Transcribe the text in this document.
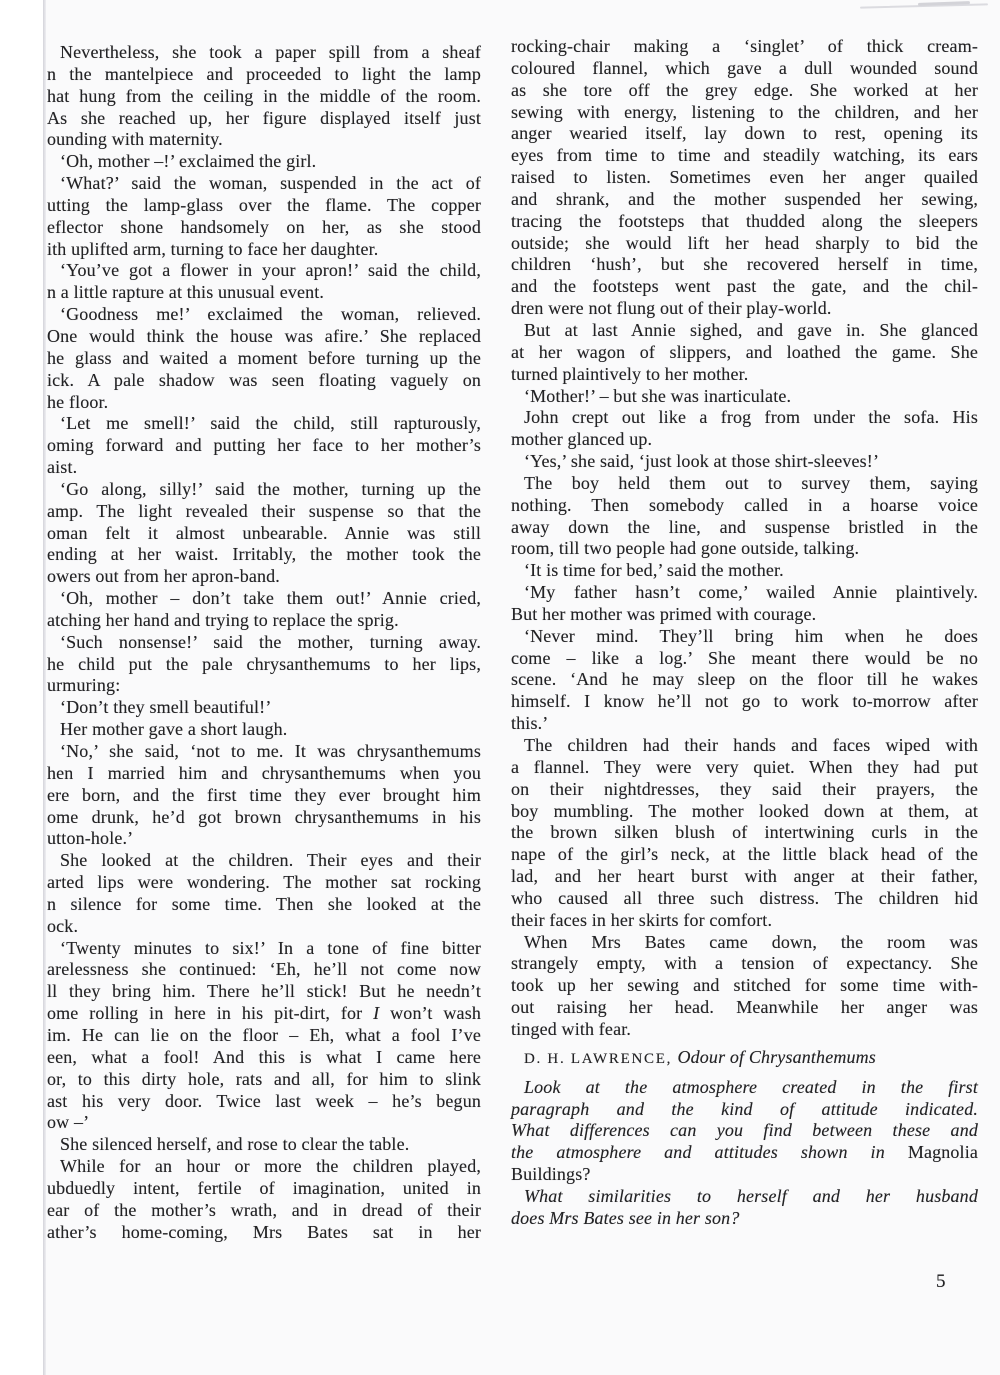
Nevertheless, she took a paper spill from a sheaf
n the mantelpiece and proceeded to light the lamp
hat hung from the ceiling in the middle of the room.
As she reached up, her figure displayed itself just
ounding with maternity.
‘Oh, mother –!’ exclaimed the girl.
‘What?’ said the woman, suspended in the act of
utting the lamp-glass over the flame. The copper
eflector shone handsomely on her, as she stood
ith uplifted arm, turning to face her daughter.
‘You’ve got a flower in your apron!’ said the child,
n a little rapture at this unusual event.
‘Goodness me!’ exclaimed the woman, relieved.
One would think the house was afire.’ She replaced
he glass and waited a moment before turning up the
ick. A pale shadow was seen floating vaguely on
he floor.
‘Let me smell!’ said the child, still rapturously,
oming forward and putting her face to her mother’s
aist.
‘Go along, silly!’ said the mother, turning up the
amp. The light revealed their suspense so that the
oman felt it almost unbearable. Annie was still
ending at her waist. Irritably, the mother took the
owers out from her apron-band.
‘Oh, mother – don’t take them out!’ Annie cried,
atching her hand and trying to replace the sprig.
‘Such nonsense!’ said the mother, turning away.
he child put the pale chrysanthemums to her lips,
urmuring:
‘Don’t they smell beautiful!’
Her mother gave a short laugh.
‘No,’ she said, ‘not to me. It was chrysanthemums
hen I married him and chrysanthemums when you
ere born, and the first time they ever brought him
ome drunk, he’d got brown chrysanthemums in his
utton-hole.’
She looked at the children. Their eyes and their
arted lips were wondering. The mother sat rocking
n silence for some time. Then she looked at the
ock.
‘Twenty minutes to six!’ In a tone of fine bitter
arelessness she continued: ‘Eh, he’ll not come now
ll they bring him. There he’ll stick! But he needn’t
ome rolling in here in his pit-dirt, for I won’t wash
im. He can lie on the floor – Eh, what a fool I’ve
een, what a fool! And this is what I came here
or, to this dirty hole, rats and all, for him to slink
ast his very door. Twice last week – he’s begun
ow –’
She silenced herself, and rose to clear the table.
While for an hour or more the children played,
ubduedly intent, fertile of imagination, united in
ear of the mother’s wrath, and in dread of their
ather’s home-coming, Mrs Bates sat in her
rocking-chair making a ‘singlet’ of thick cream-
coloured flannel, which gave a dull wounded sound
as she tore off the grey edge. She worked at her
sewing with energy, listening to the children, and her
anger wearied itself, lay down to rest, opening its
eyes from time to time and steadily watching, its ears
raised to listen. Sometimes even her anger quailed
and shrank, and the mother suspended her sewing,
tracing the footsteps that thudded along the sleepers
outside; she would lift her head sharply to bid the
children ‘hush’, but she recovered herself in time,
and the footsteps went past the gate, and the chil-
dren were not flung out of their play-world.
But at last Annie sighed, and gave in. She glanced
at her wagon of slippers, and loathed the game. She
turned plaintively to her mother.
‘Mother!’ – but she was inarticulate.
John crept out like a frog from under the sofa. His
mother glanced up.
‘Yes,’ she said, ‘just look at those shirt-sleeves!’
The boy held them out to survey them, saying
nothing. Then somebody called in a hoarse voice
away down the line, and suspense bristled in the
room, till two people had gone outside, talking.
‘It is time for bed,’ said the mother.
‘My father hasn’t come,’ wailed Annie plaintively.
But her mother was primed with courage.
‘Never mind. They’ll bring him when he does
come – like a log.’ She meant there would be no
scene. ‘And he may sleep on the floor till he wakes
himself. I know he’ll not go to work to-morrow after
this.’
The children had their hands and faces wiped with
a flannel. They were very quiet. When they had put
on their nightdresses, they said their prayers, the
boy mumbling. The mother looked down at them, at
the brown silken blush of intertwining curls in the
nape of the girl’s neck, at the little black head of the
lad, and her heart burst with anger at their father,
who caused all three such distress. The children hid
their faces in her skirts for comfort.
When Mrs Bates came down, the room was
strangely empty, with a tension of expectancy. She
took up her sewing and stitched for some time with-
out raising her head. Meanwhile her anger was
tinged with fear.
D. H. LAWRENCE, Odour of Chrysanthemums
Look at the atmosphere created in the first
paragraph and the kind of attitude indicated.
What differences can you find between these and
the atmosphere and attitudes shown in Magnolia
Buildings?
What similarities to herself and her husband
does Mrs Bates see in her son?
5
